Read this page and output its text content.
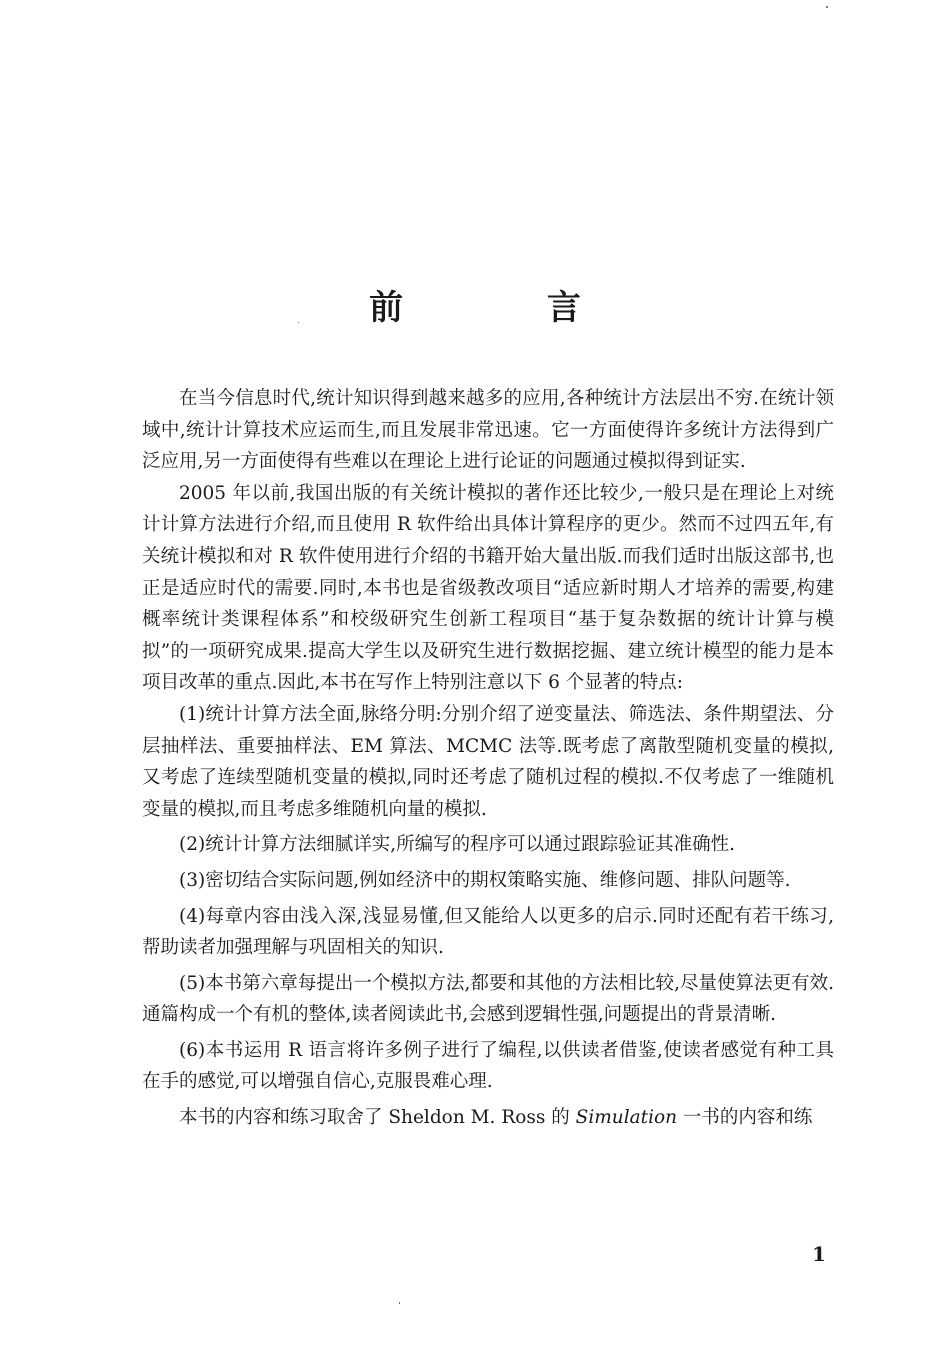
前 言

在当今信息时代,统计知识得到越来越多的应用,各种统计方法层出不穷.在统计领域中,统计计算技术应运而生,而且发展非常迅速。它一方面使得许多统计方法得到广泛应用,另一方面使得有些难以在理论上进行论证的问题通过模拟得到证实.

2005 年以前,我国出版的有关统计模拟的著作还比较少,一般只是在理论上对统计计算方法进行介绍,而且使用 R 软件给出具体计算程序的更少。然而不过四五年,有关统计模拟和对 R 软件使用进行介绍的书籍开始大量出版.而我们适时出版这部书,也正是适应时代的需要.同时,本书也是省级教改项目“适应新时期人才培养的需要,构建概率统计类课程体系”和校级研究生创新工程项目“基于复杂数据的统计计算与模拟”的一项研究成果.提高大学生以及研究生进行数据挖掘、建立统计模型的能力是本项目改革的重点.因此,本书在写作上特别注意以下 6 个显著的特点:

(1)统计计算方法全面,脉络分明:分别介绍了逆变量法、筛选法、条件期望法、分层抽样法、重要抽样法、EM 算法、MCMC 法等.既考虑了离散型随机变量的模拟,又考虑了连续型随机变量的模拟,同时还考虑了随机过程的模拟.不仅考虑了一维随机变量的模拟,而且考虑多维随机向量的模拟.

(2)统计计算方法细腻详实,所编写的程序可以通过跟踪验证其准确性.

(3)密切结合实际问题,例如经济中的期权策略实施、维修问题、排队问题等.

(4)每章内容由浅入深,浅显易懂,但又能给人以更多的启示.同时还配有若干练习,帮助读者加强理解与巩固相关的知识.

(5)本书第六章每提出一个模拟方法,都要和其他的方法相比较,尽量使算法更有效.通篇构成一个有机的整体,读者阅读此书,会感到逻辑性强,问题提出的背景清晰.

(6)本书运用 R 语言将许多例子进行了编程,以供读者借鉴,使读者感觉有种工具在手的感觉,可以增强自信心,克服畏难心理.

本书的内容和练习取舍了 Sheldon M. Ross 的 Simulation 一书的内容和练

1
